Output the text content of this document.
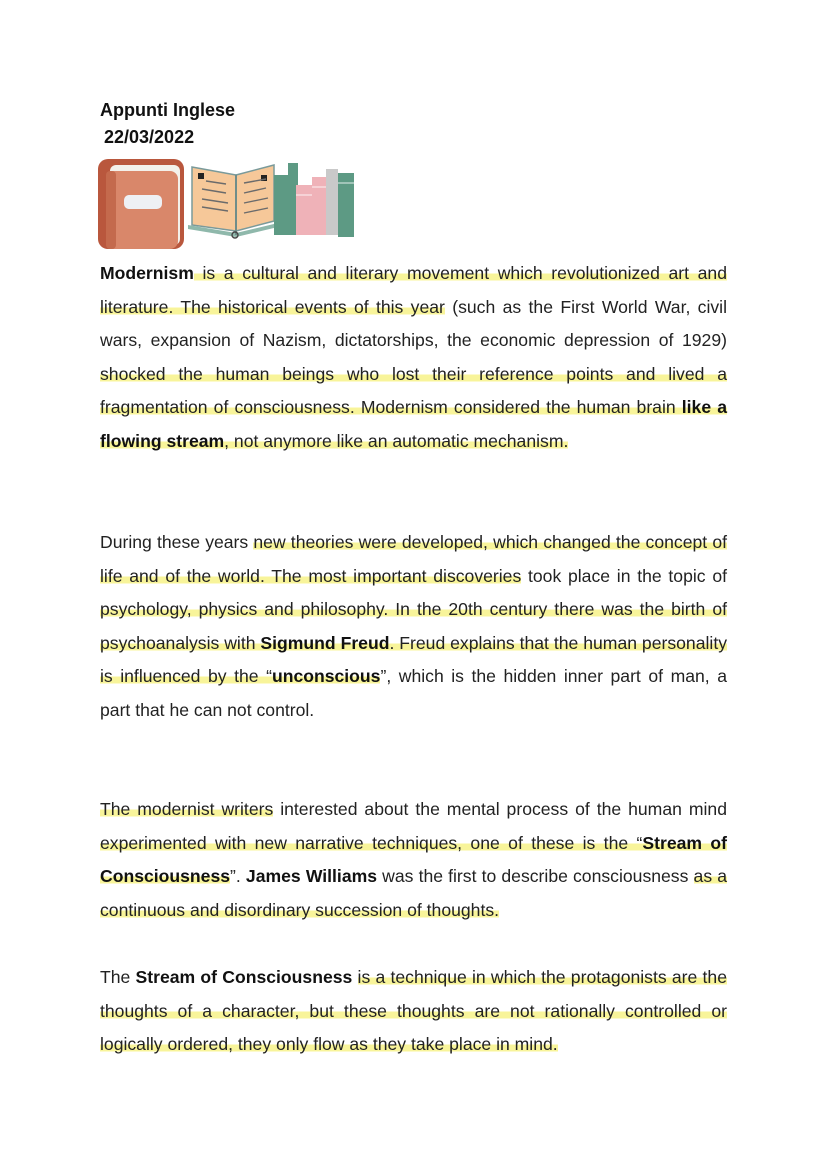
Appunti Inglese

22/03/2022

Modernism is a cultural and literary movement which revolutionized art and literature. The historical events of this year (such as the First World War, civil wars, expansion of Nazism, dictatorships, the economic depression of 1929) shocked the human beings who lost their reference points and lived a fragmentation of consciousness. Modernism considered the human brain like a flowing stream, not anymore like an automatic mechanism.

During these years new theories were developed, which changed the concept of life and of the world. The most important discoveries took place in the topic of psychology, physics and philosophy. In the 20th century there was the birth of psychoanalysis with Sigmund Freud. Freud explains that the human personality is influenced by the “unconscious”, which is the hidden inner part of man, a part that he can not control.

The modernist writers interested about the mental process of the human mind experimented with new narrative techniques, one of these is the “Stream of Consciousness”. James Williams was the first to describe consciousness as a continuous and disordinary succession of thoughts.

The Stream of Consciousness is a technique in which the protagonists are the thoughts of a character, but these thoughts are not rationally controlled or logically ordered, they only flow as they take place in mind.
